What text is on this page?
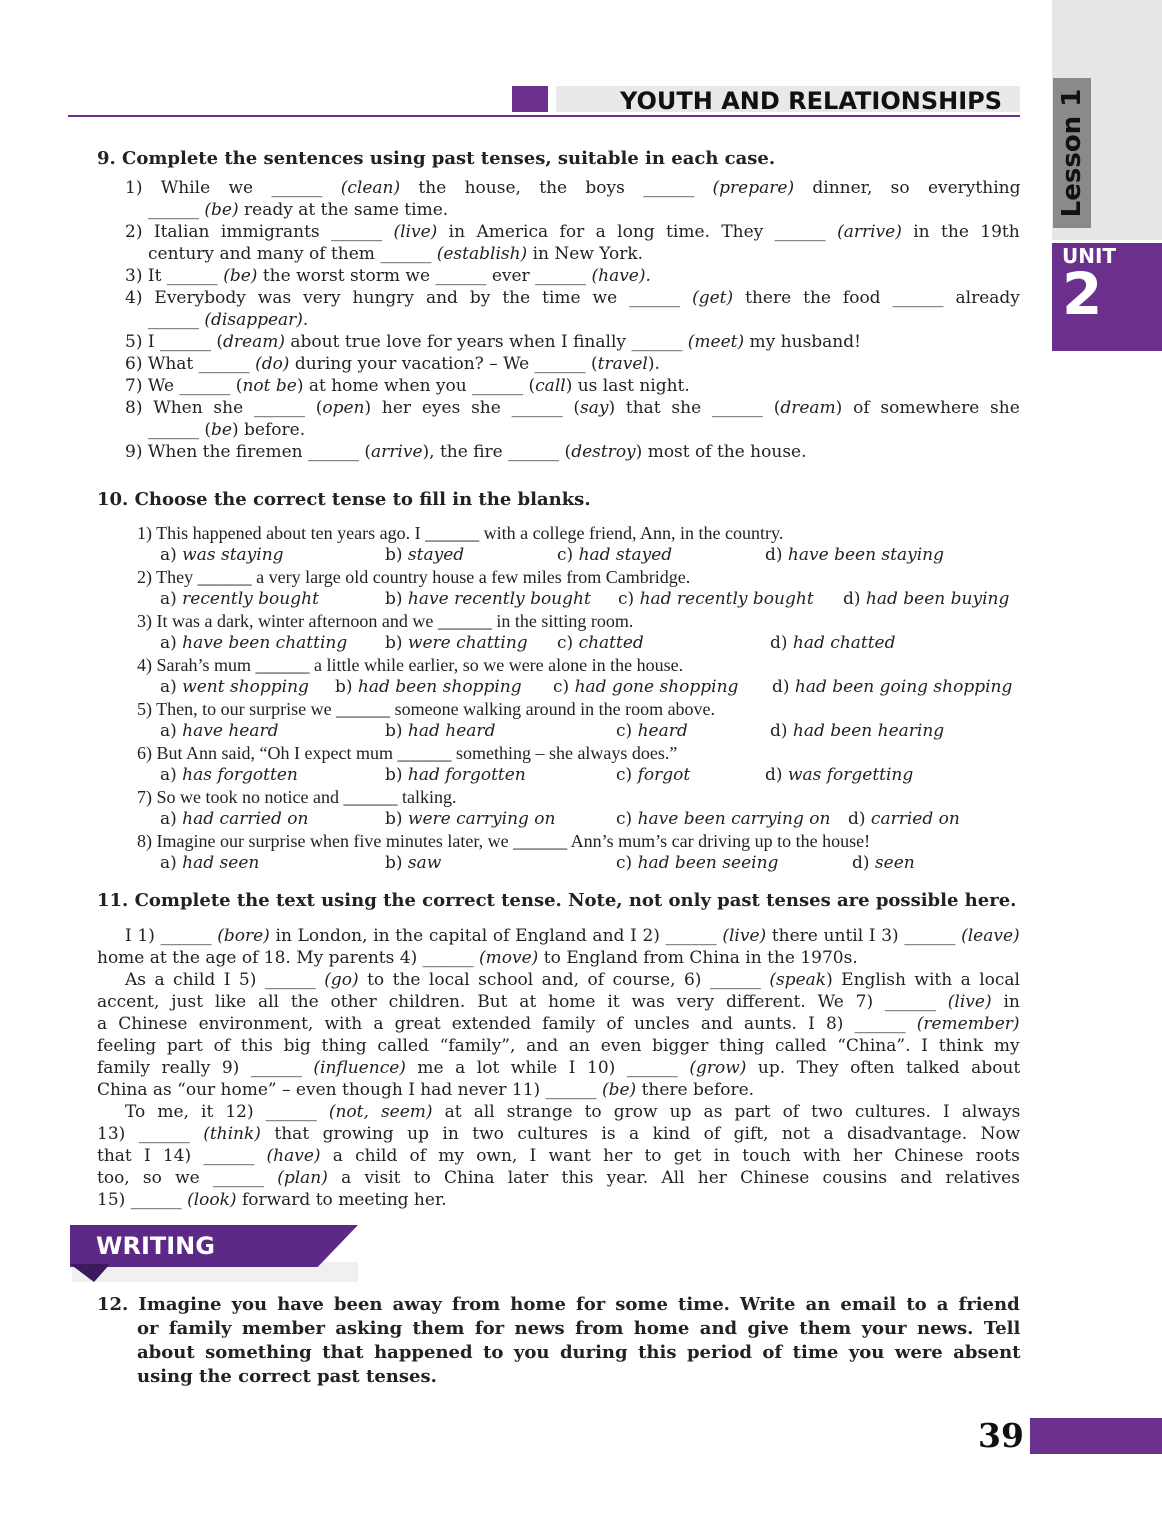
YOUTH AND RELATIONSHIPS Lesson 1
UNIT
2
9. Complete the sentences using past tenses, suitable in each case.
1) While we ______ (clean) the house, the boys ______ (prepare) dinner, so everything
______ (be) ready at the same time.
2) Italian immigrants ______ (live) in America for a long time. They ______ (arrive) in the 19th
century and many of them ______ (establish) in New York.
3) It ______ (be) the worst storm we ______ ever ______ (have).
4) Everybody was very hungry and by the time we ______ (get) there the food ______ already
______ (disappear).
5) I ______ (dream) about true love for years when I finally ______ (meet) my husband!
6) What ______ (do) during your vacation? – We ______ (travel).
7) We ______ (not be) at home when you ______ (call) us last night.
8) When she ______ (open) her eyes she ______ (say) that she ______ (dream) of somewhere she
______ (be) before.
9) When the firemen ______ (arrive), the fire ______ (destroy) most of the house.
10. Choose the correct tense to fill in the blanks.
1) This happened about ten years ago. I ______ with a college friend, Ann, in the country.
a) was staying	b) stayed	c) had stayed	d) have been staying
2) They ______ a very large old country house a few miles from Cambridge.
a) recently bought	b) have recently bought c) had recently bought d) had been buying
3) It was a dark, winter afternoon and we ______ in the sitting room.
a) have been chatting b) were chatting c) chatted	d) had chatted
4) Sarah’s mum ______ a little while earlier, so we were alone in the house.
a) went shopping b) had been shopping c) had gone shopping d) had been going shopping
5) Then, to our surprise we ______ someone walking around in the room above.
a) have heard	b) had heard	c) heard	d) had been hearing
6) But Ann said, “Oh I expect mum ______ something – she always does.”
a) has forgotten	b) had forgotten	c) forgot	d) was forgetting
7) So we took no notice and ______ talking.
a) had carried on	b) were carrying on	c) have been carrying on d) carried on
8) Imagine our surprise when five minutes later, we ______ Ann’s mum’s car driving up to the house!
a) had seen	b) saw	c) had been seeing	d) seen
11. Complete the text using the correct tense. Note, not only past tenses are possible here.
I 1) ______ (bore) in London, in the capital of England and I 2) ______ (live) there until I 3) ______ (leave)
home at the age of 18. My parents 4) ______ (move) to England from China in the 1970s.
As a child I 5) ______ (go) to the local school and, of course, 6) ______ (speak) English with a local
accent, just like all the other children. But at home it was very different. We 7) ______ (live) in
a Chinese environment, with a great extended family of uncles and aunts. I 8) ______ (remember)
feeling part of this big thing called “family”, and an even bigger thing called “China”. I think my
family really 9) ______ (influence) me a lot while I 10) ______ (grow) up. They often talked about
China as “our home” – even though I had never 11) ______ (be) there before.
To me, it 12) ______ (not, seem) at all strange to grow up as part of two cultures. I always
13) ______ (think) that growing up in two cultures is a kind of gift, not a disadvantage. Now
that I 14) ______ (have) a child of my own, I want her to get in touch with her Chinese roots
too, so we ______ (plan) a visit to China later this year. All her Chinese cousins and relatives
15) ______ (look) forward to meeting her.
WRITING
12. Imagine you have been away from home for some time. Write an email to a friend
or family member asking them for news from home and give them your news. Tell
about something that happened to you during this period of time you were absent
using the correct past tenses.
39
